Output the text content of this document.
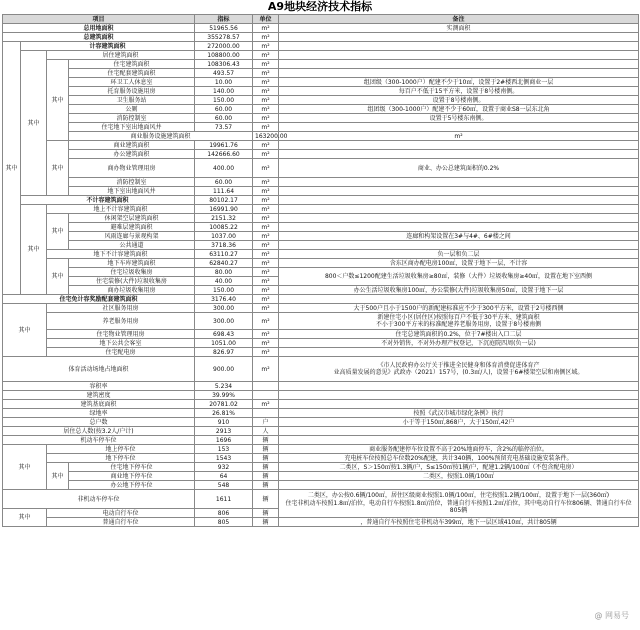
A9地块经济技术指标
项目				指标	单位	备注	
总用地面积				51965.56	m²	实测面积	
总建筑面积				355278.57	m²		
其中	计容建筑面积			272000.00	m²		
	其中	居住建筑面积		108800.00	m²		
		其中	住宅建筑面积	108306.43	m²		
			住宅配套建筑面积	493.57	m²		
			环卫工人休息室	10.00	m²	组团级（300-1000户）配建不少于10㎡，设置于2#楼西北侧商业一层	
			托育服务设施用房	140.00	m²	每百户不低于15平方米，设置于8号楼南侧。	
			卫生服务站	150.00	m²	设置于8号楼南侧。	
			公厕	60.00	m²	组团级（300-1000户）配建不少于60㎡，设置于商业S8一层东北角	
			消防控制室	60.00	m²	设置于5号楼东南侧。	
			住宅地下室出地面风井	73.57	m²		
			商业服务设施建筑面积		163200.00	m²	
		其中	商业建筑面积	19961.76	m²		
			办公建筑面积	142666.60	m²		
			商办物业管理用房	400.00	m²	商业、办公总建筑面积的0.2%	
			消防控制室	60.00	m²		
			地下室出地面风井	111.64	m²		
	不计容建筑面积			80102.17	m²		
	其中	地上不计容建筑面积		16991.90	m²		
		其中	休闲架空层建筑面积	2151.32	m²		
			避难层建筑面积	10085.22	m²		
			风雨连廊与景观构架	1037.00	m²	连廊和构架设置在3#与4#、6#楼之间	
			公共通道	3718.36	m²		
		地下不计容建筑面积		63110.27	m²	负一层和负二层	
		其中	地下车库建筑面积	62840.27	m²	含东区商办配电房100㎡，设置于地下一层，不计容	
			住宅垃圾收集房	80.00	m²	800＜户数≤1200配建生活垃圾收集房≥80㎡，装修（大件）垃圾收集房≥40㎡，设置在地下室西侧	
			住宅装修(大件)垃圾收集房	40.00	m²		
			商办垃圾收集用房	150.00	m²	办公生活垃圾收集房100㎡，办公装修(大件)垃圾收集房50㎡，设置于地下一层	
住宅免计容奖励配套建筑面积				3176.40	m²		
其中		社区服务用房		300.00	m²	大于500户且小于1500户的新配建标准应不少于300平方米，设置于2号楼西侧	
		养老服务用房		300.00	m²	新建住宅小区(居住区)按照每百户不低于30平方米、建筑面积
不小于300平方米的标准配建养老服务用房，设置于8号楼南侧	
		住宅物业管理用房		698.43	m²	住宅总建筑面积的0.2%，位于7#楼出入口二层	
		地下公共会客室		1051.00	m²	不对外销售，不对外办理产权登记，下沉庭院四周(负一层)	
		住宅配电房		826.97	m²		
体育活动场地占地面积				900.00	m²	《市人民政府办公厅关于推进全民健身和体育消费促进体育产
业高质量发展的意见》武政办（2021）157号，(0.3㎡/人)，设置于6#楼架空层和南侧区域。	
容积率				5.234			
建筑密度				39.99%			
建筑基底面积				20781.02	m²		
绿地率				26.81%		按照《武汉市城市绿化条例》执行	
总户数				910	户	小于等于150㎡,868户，大于150㎡,42户	
居住总人数(按3.2人/户计)				2913	人		
机动车停车位				1696	辆		
其中		地上停车位		153	辆	商业服务配建停车位设置不高于20%地面停车，含2%的临停泊位。	
		地下停车位		1543	辆	充电桩车位按照总车位数20%配建，共计340辆，100%预留充电基础设施安装条件。	
		其中	住宅地下停车位	932	辆	二类区，S＞150㎡按1.3辆/户，S≤150㎡按1辆/户，配建1.2辆/100㎡（不包含配电房）	
			商业地下停车位	64	辆	二类区，按照1.0辆/100㎡	
			办公地下停车位	548	辆		
非机动车停车位				1611	辆	二类区，办公按0.6辆/100㎡，居住区级商业按照1.0辆/100㎡，住宅按照1.2辆/100㎡，设置于地下一层(360㎡)
住宅非机动车按照1.8㎡/泊位，电动自行车按照1.8㎡/泊位，普通自行车按照1.2㎡/泊位，其中电动自行车位806辆、普通自行车位805辆	
其中		电动自行车位		806	辆		
		普通自行车位		805	辆	，普通自行车按照住宅非机动车399㎡，地下一层区域410㎡，共计805辆	
@ 网易号
